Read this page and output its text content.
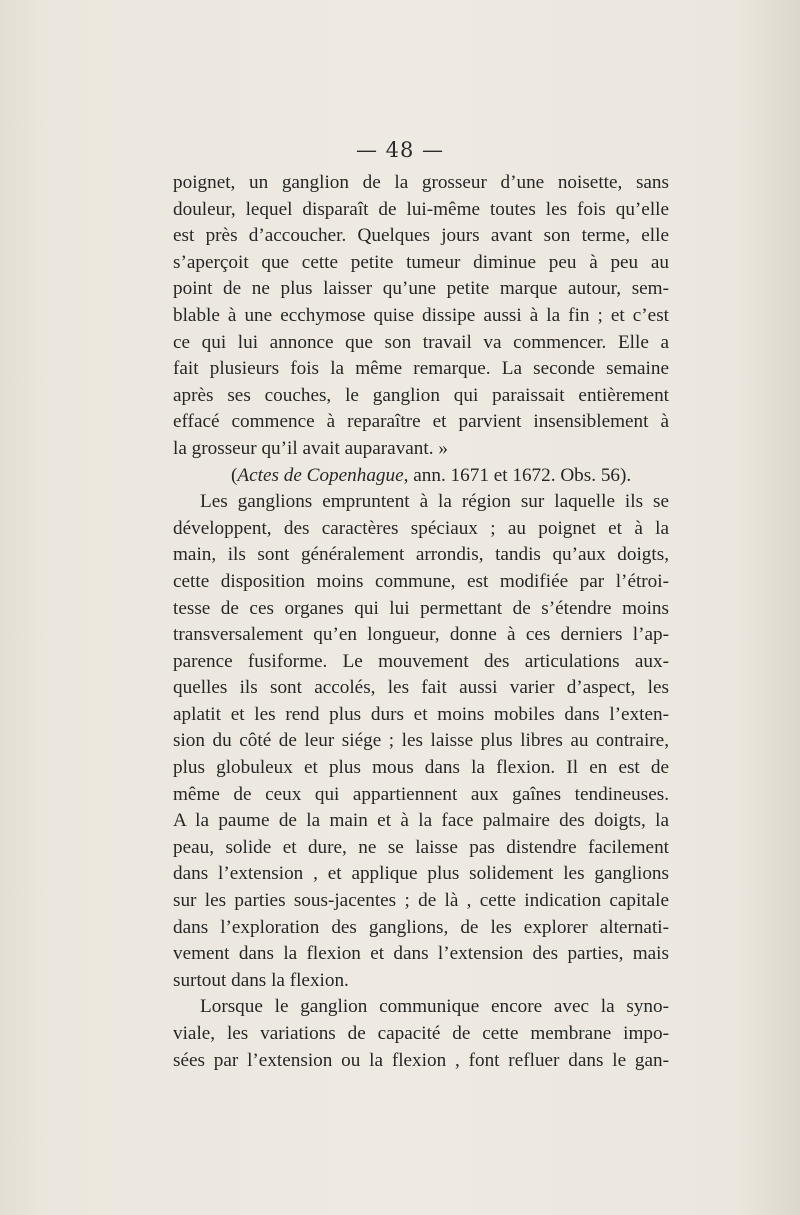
— 48 —
poignet, un ganglion de la grosseur d’une noisette, sans
douleur, lequel disparaît de lui-même toutes les fois qu’elle
est près d’accoucher. Quelques jours avant son terme, elle
s’aperçoit que cette petite tumeur diminue peu à peu au
point de ne plus laisser qu’une petite marque autour, sem-
blable à une ecchymose quise dissipe aussi à la fin ; et c’est
ce qui lui annonce que son travail va commencer. Elle a
fait plusieurs fois la même remarque. La seconde semaine
après ses couches, le ganglion qui paraissait entièrement
effacé commence à reparaître et parvient insensiblement à
la grosseur qu’il avait auparavant. »
(Actes de Copenhague, ann. 1671 et 1672. Obs. 56).
Les ganglions empruntent à la région sur laquelle ils se
développent, des caractères spéciaux ; au poignet et à la
main, ils sont généralement arrondis, tandis qu’aux doigts,
cette disposition moins commune, est modifiée par l’étroi-
tesse de ces organes qui lui permettant de s’étendre moins
transversalement qu’en longueur, donne à ces derniers l’ap-
parence fusiforme. Le mouvement des articulations aux-
quelles ils sont accolés, les fait aussi varier d’aspect, les
aplatit et les rend plus durs et moins mobiles dans l’exten-
sion du côté de leur siége ; les laisse plus libres au contraire,
plus globuleux et plus mous dans la flexion. Il en est de
même de ceux qui appartiennent aux gaînes tendineuses.
A la paume de la main et à la face palmaire des doigts, la
peau, solide et dure, ne se laisse pas distendre facilement
dans l’extension , et applique plus solidement les ganglions
sur les parties sous-jacentes ; de là , cette indication capitale
dans l’exploration des ganglions, de les explorer alternati-
vement dans la flexion et dans l’extension des parties, mais
surtout dans la flexion.
Lorsque le ganglion communique encore avec la syno-
viale, les variations de capacité de cette membrane impo-
sées par l’extension ou la flexion , font refluer dans le gan-
